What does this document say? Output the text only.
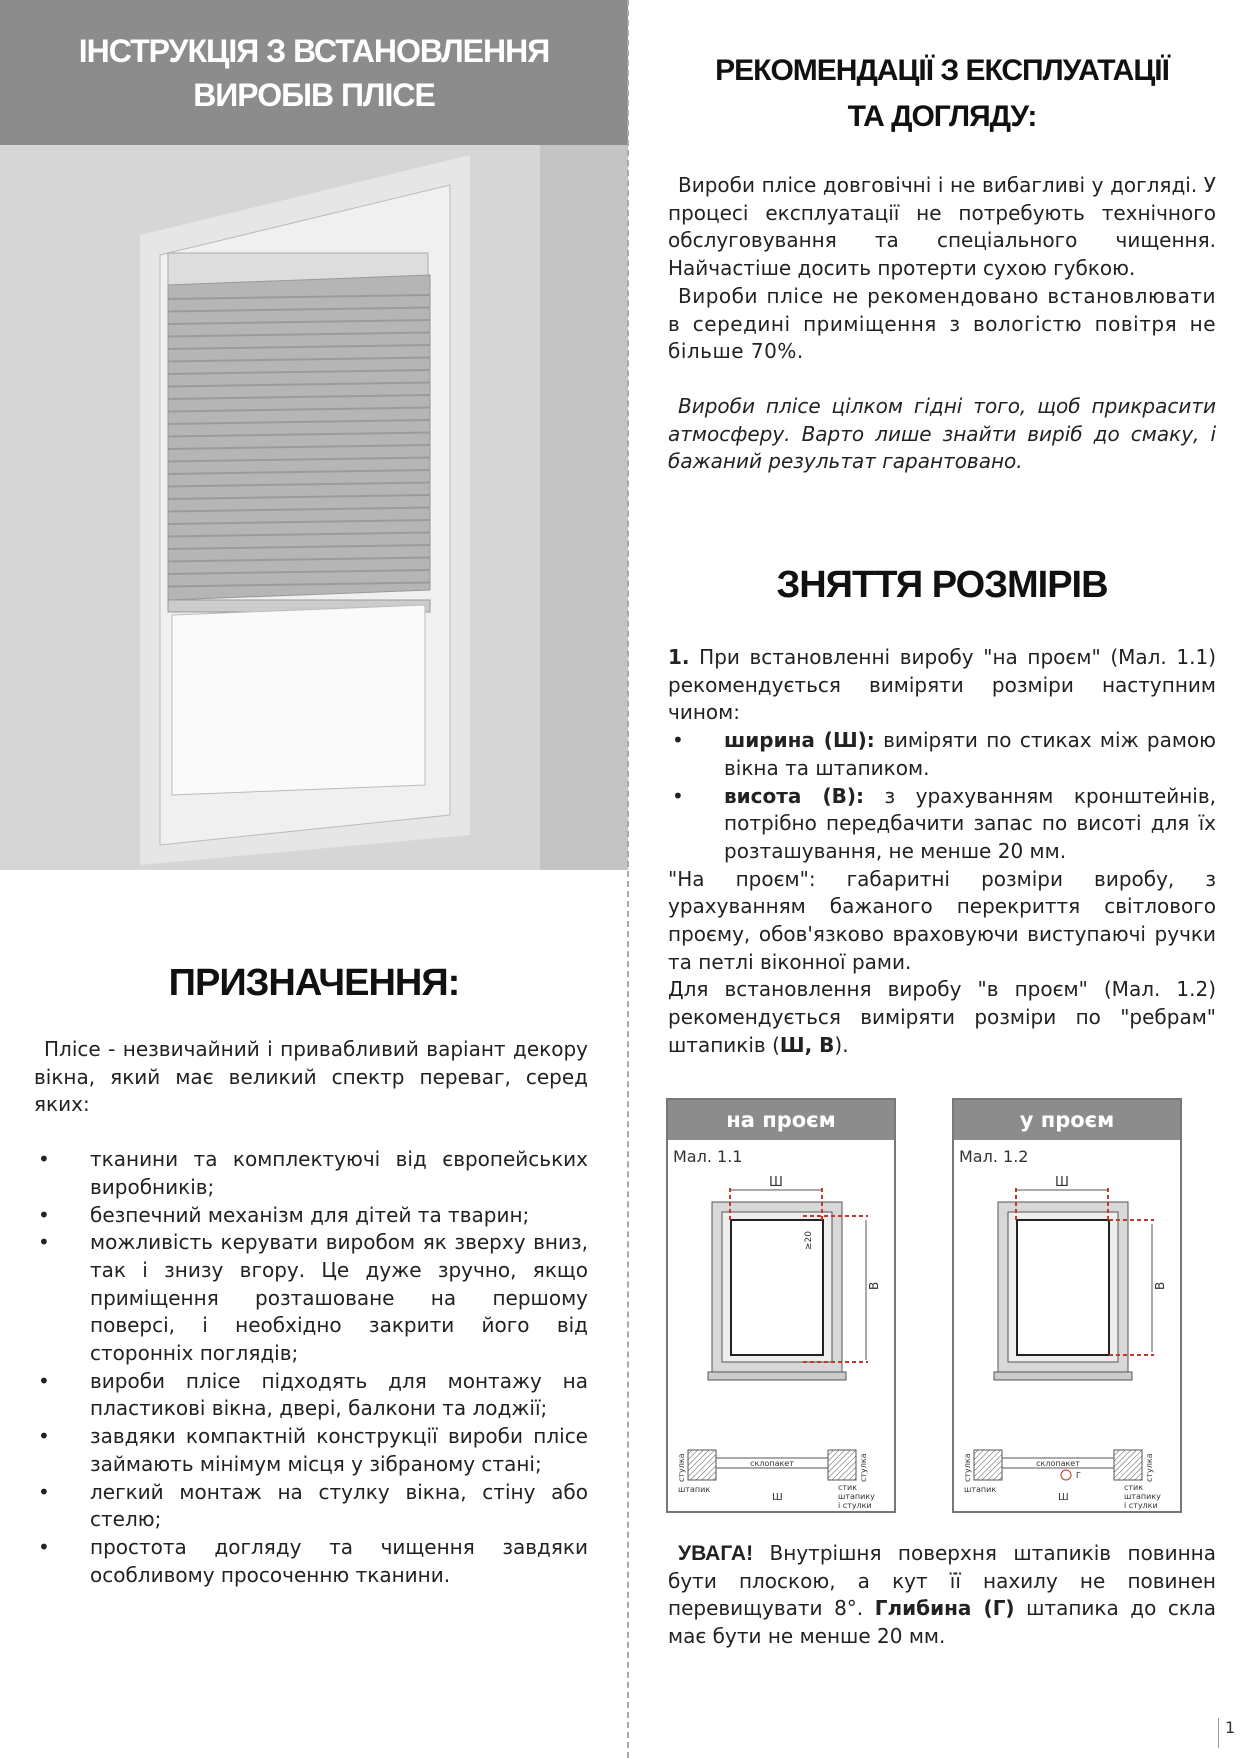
ІНСТРУКЦІЯ З ВСТАНОВЛЕННЯ
ВИРОБІВ ПЛІСЕ
РЕКОМЕНДАЦІЇ З ЕКСПЛУАТАЦІЇ
ТА ДОГЛЯДУ:

Вироби плісе довговічні і не вибагливі у догляді. У процесі експлуатації не потребують технічного обслуговування та спеціального чищення. Найчастіше досить протерти сухою губкою.

Вироби плісе не рекомендовано встановлювати в середині приміщення з вологістю повітря не більше 70%.

Вироби плісе цілком гідні того, щоб прикрасити атмосферу. Варто лише знайти виріб до смаку, і бажаний результат гарантовано.

ЗНЯТТЯ РОЗМІРІВ

1. При встановленні виробу "на проєм" (Мал. 1.1) рекомендується виміряти розміри наступним чином:

• ширина (Ш): виміряти по стиках між рамою вікна та штапиком.
• висота (В): з урахуванням кронштейнів, потрібно передбачити запас по висоті для їх розташування, не менше 20 мм.

"На проєм": габаритні розміри виробу, з урахуванням бажаного перекриття світлового проєму, обов'язково враховуючи виступаючі ручки та петлі віконної рами.

Для встановлення виробу "в проєм" (Мал. 1.2) рекомендується виміряти розміри по "ребрам" штапиків (Ш, В).

на проєм
Мал. 1.1
Ш
В
≥20
стулка	стулка
склопакет
штапик
Ш
стик
штапику
і стулки
у проєм
Мал. 1.2
Ш
В
стулка	стулка
склопакет
Г
штапик
Ш
стик
штапику
і стулки

УВАГА! Внутрішня поверхня штапиків повинна бути плоскою, а кут її нахилу не повинен перевищувати 8°. Глибина (Г) штапика до скла має бути не менше 20 мм.

ПРИЗНАЧЕННЯ:

Плісе - незвичайний і привабливий варіант декору вікна, який має великий спектр переваг, серед яких:

• тканини та комплектуючі від європейських виробників;
• безпечний механізм для дітей та тварин;
• можливість керувати виробом як зверху вниз, так і знизу вгору. Це дуже зручно, якщо приміщення розташоване на першому поверсі, і необхідно закрити його від сторонніх поглядів;
• вироби плісе підходять для монтажу на пластикові вікна, двері, балкони та лоджії;
• завдяки компактній конструкції вироби плісе займають мінімум місця у зібраному стані;
• легкий монтаж на стулку вікна, стіну або стелю;
• простота догляду та чищення завдяки особливому просоченню тканини.
1
